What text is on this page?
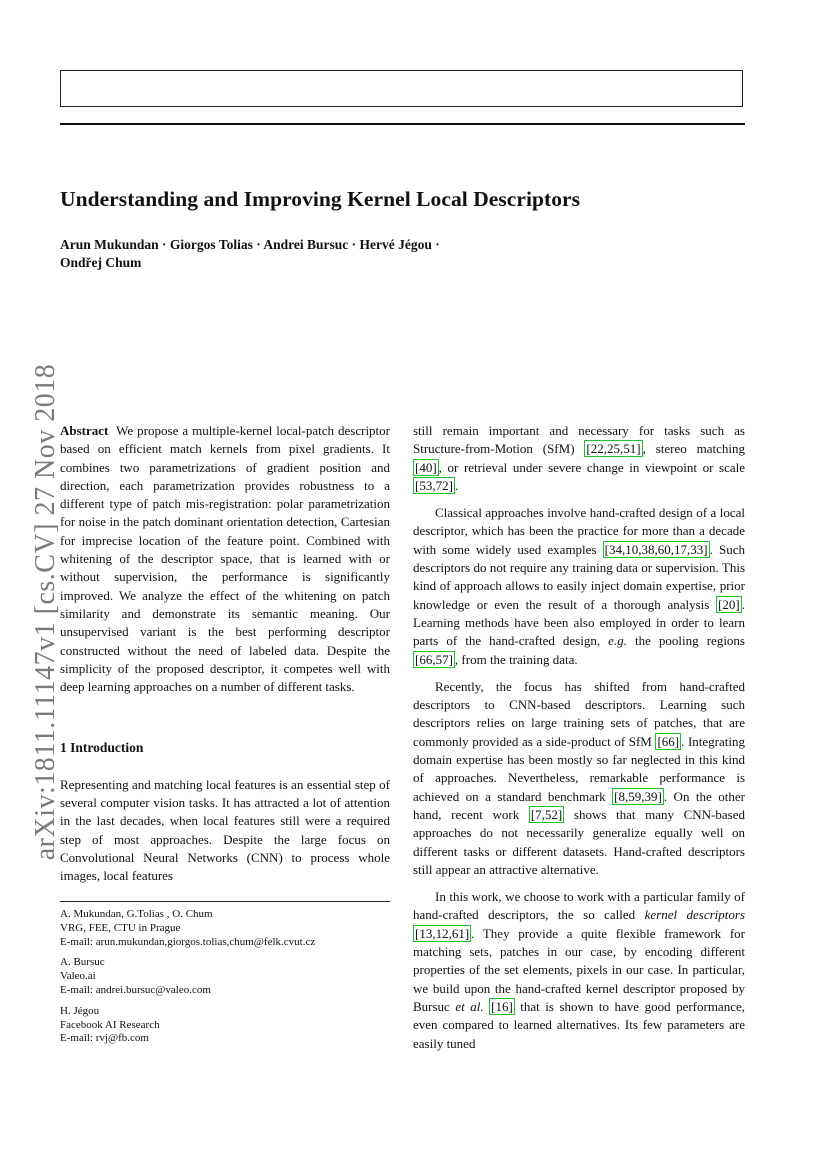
arXiv:1811.11147v1 [cs.CV] 27 Nov 2018
Understanding and Improving Kernel Local Descriptors
Arun Mukundan · Giorgos Tolias · Andrei Bursuc · Hervé Jégou ·
Ondřej Chum

Abstract We propose a multiple-kernel local-patch descriptor based on efficient match kernels from pixel gradients. It combines two parametrizations of gradient position and direction, each parametrization provides robustness to a different type of patch mis-registration: polar parametrization for noise in the patch dominant orientation detection, Cartesian for imprecise location of the feature point. Combined with whitening of the descriptor space, that is learned with or without supervision, the performance is significantly improved. We analyze the effect of the whitening on patch similarity and demonstrate its semantic meaning. Our unsupervised variant is the best performing descriptor constructed without the need of labeled data. Despite the simplicity of the proposed descriptor, it competes well with deep learning approaches on a number of different tasks.

1 Introduction

Representing and matching local features is an essential step of several computer vision tasks. It has attracted a lot of attention in the last decades, when local features still were a required step of most approaches. Despite the large focus on Convolutional Neural Networks (CNN) to process whole images, local features

still remain important and necessary for tasks such as Structure-from-Motion (SfM) [22,25,51] , stereo matching [40] , or retrieval under severe change in viewpoint or scale [53,72] .

Classical approaches involve hand-crafted design of a local descriptor, which has been the practice for more than a decade with some widely used examples [34,10,38,60,17,33] . Such descriptors do not require any training data or supervision. This kind of approach allows to easily inject domain expertise, prior knowledge or even the result of a thorough analysis [20] . Learning methods have been also employed in order to learn parts of the hand-crafted design, e.g. the pooling regions [66,57] , from the training data.

Recently, the focus has shifted from hand-crafted descriptors to CNN-based descriptors. Learning such descriptors relies on large training sets of patches, that are commonly provided as a side-product of SfM [66] . Integrating domain expertise has been mostly so far neglected in this kind of approaches. Nevertheless, remarkable performance is achieved on a standard benchmark [8,59,39] . On the other hand, recent work [7,52] shows that many CNN-based approaches do not necessarily generalize equally well on different tasks or different datasets. Hand-crafted descriptors still appear an attractive alternative.

In this work, we choose to work with a particular family of hand-crafted descriptors, the so called kernel descriptors [13,12,61] . They provide a quite flexible framework for matching sets, patches in our case, by encoding different properties of the set elements, pixels in our case. In particular, we build upon the hand-crafted kernel descriptor proposed by Bursuc et al. [16] that is shown to have good performance, even compared to learned alternatives. Its few parameters are easily tuned

A. Mukundan, G.Tolias , O. Chum
VRG, FEE, CTU in Prague
E-mail: arun.mukundan,giorgos.tolias,chum@felk.cvut.cz
A. Bursuc
Valeo.ai
E-mail: andrei.bursuc@valeo.com
H. Jégou
Facebook AI Research
E-mail: rvj@fb.com
